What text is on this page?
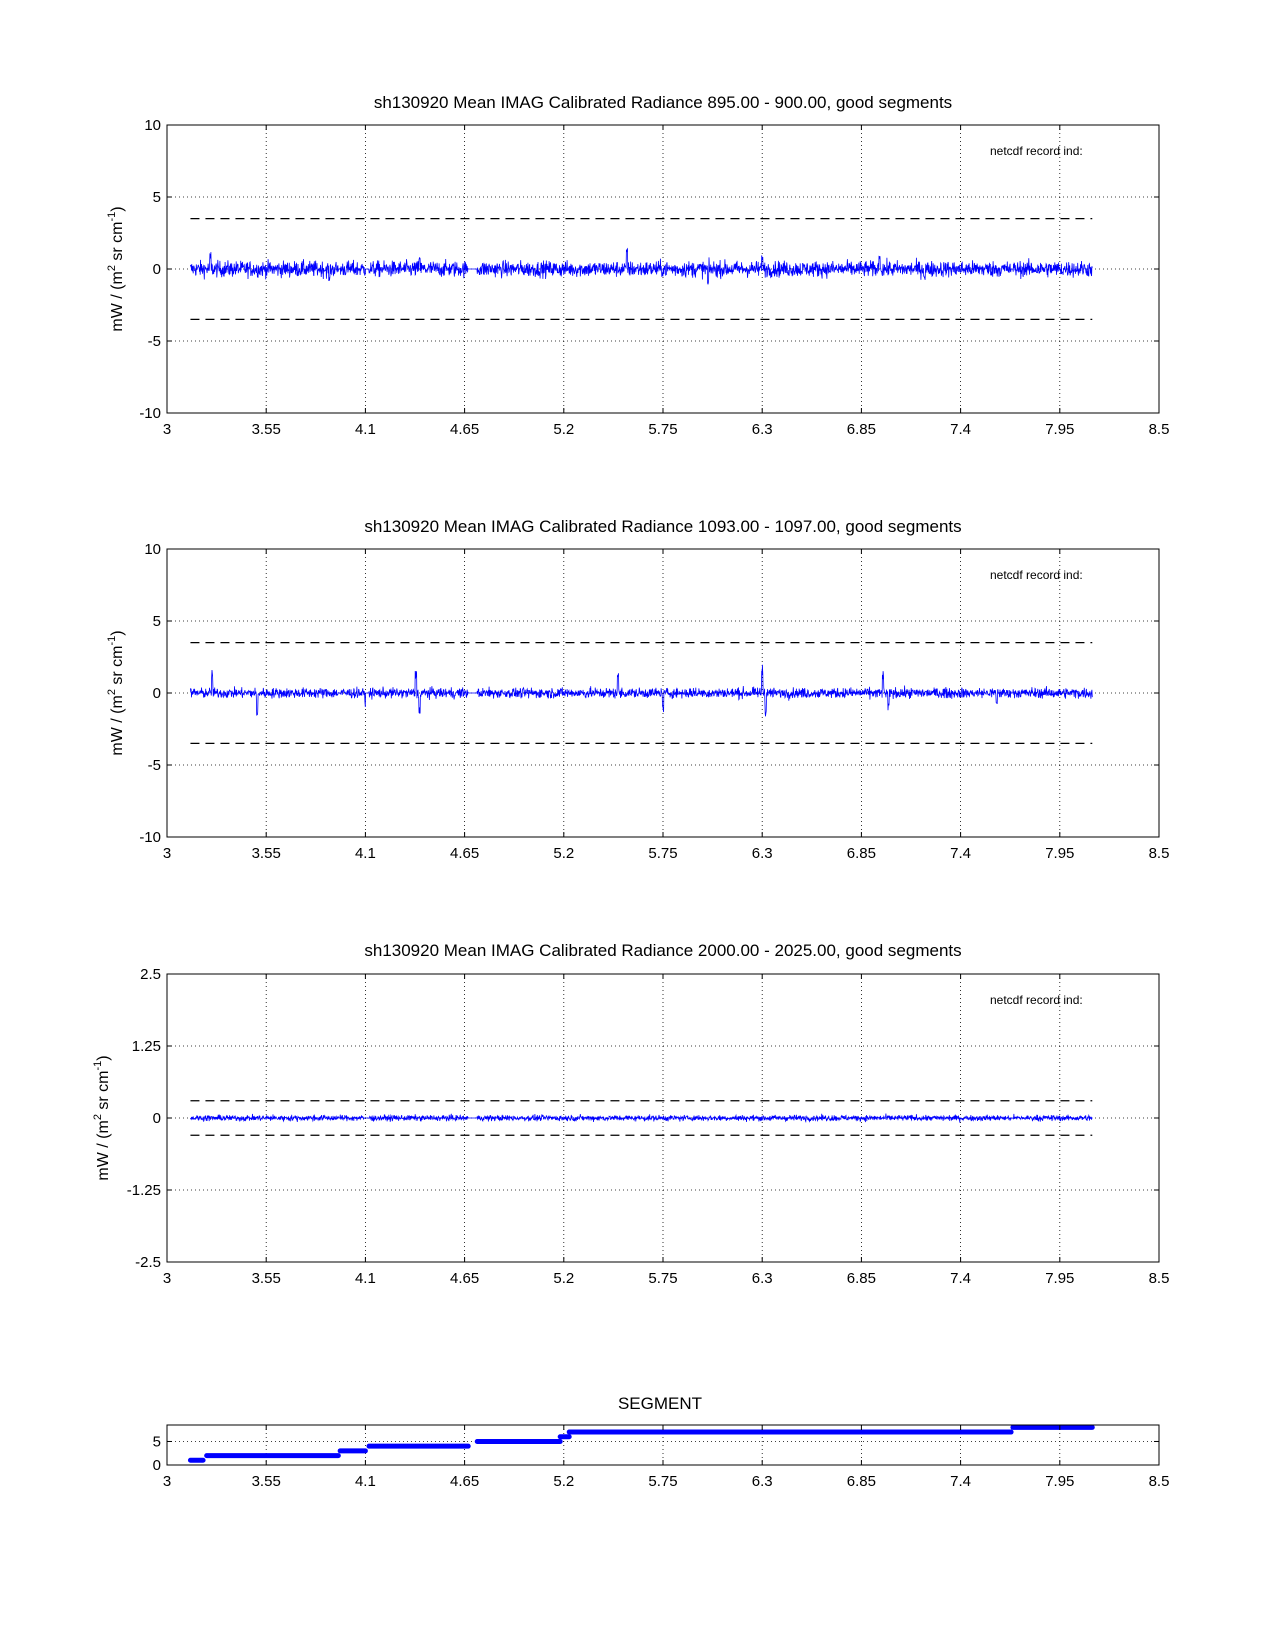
sh130920 Mean IMAG Calibrated Radiance 895.00 - 900.00, good segments
3	3.55	4.1	4.65	5.2	5.75	6.3	6.85	7.4	7.95	8.5
10
5
0
-5
-10
netcdf record ind:
mW / ($m^2$ sr $cm^{-1}$)
sh130920 Mean IMAG Calibrated Radiance 1093.00 - 1097.00, good segments
3	3.55	4.1	4.65	5.2	5.75	6.3	6.85	7.4	7.95	8.5
10
5
0
-5
-10
netcdf record ind:
mW / ($m^2$ sr $cm^{-1}$)
sh130920 Mean IMAG Calibrated Radiance 2000.00 - 2025.00, good segments
3	3.55	4.1	4.65	5.2	5.75	6.3	6.85	7.4	7.95	8.5
2.5
1.25
0
-1.25
-2.5
netcdf record ind:
mW / ($m^2$ sr $cm^{-1}$)
SEGMENT
3	3.55	4.1	4.65	5.2	5.75	6.3	6.85	7.4	7.95	8.5
5
0
